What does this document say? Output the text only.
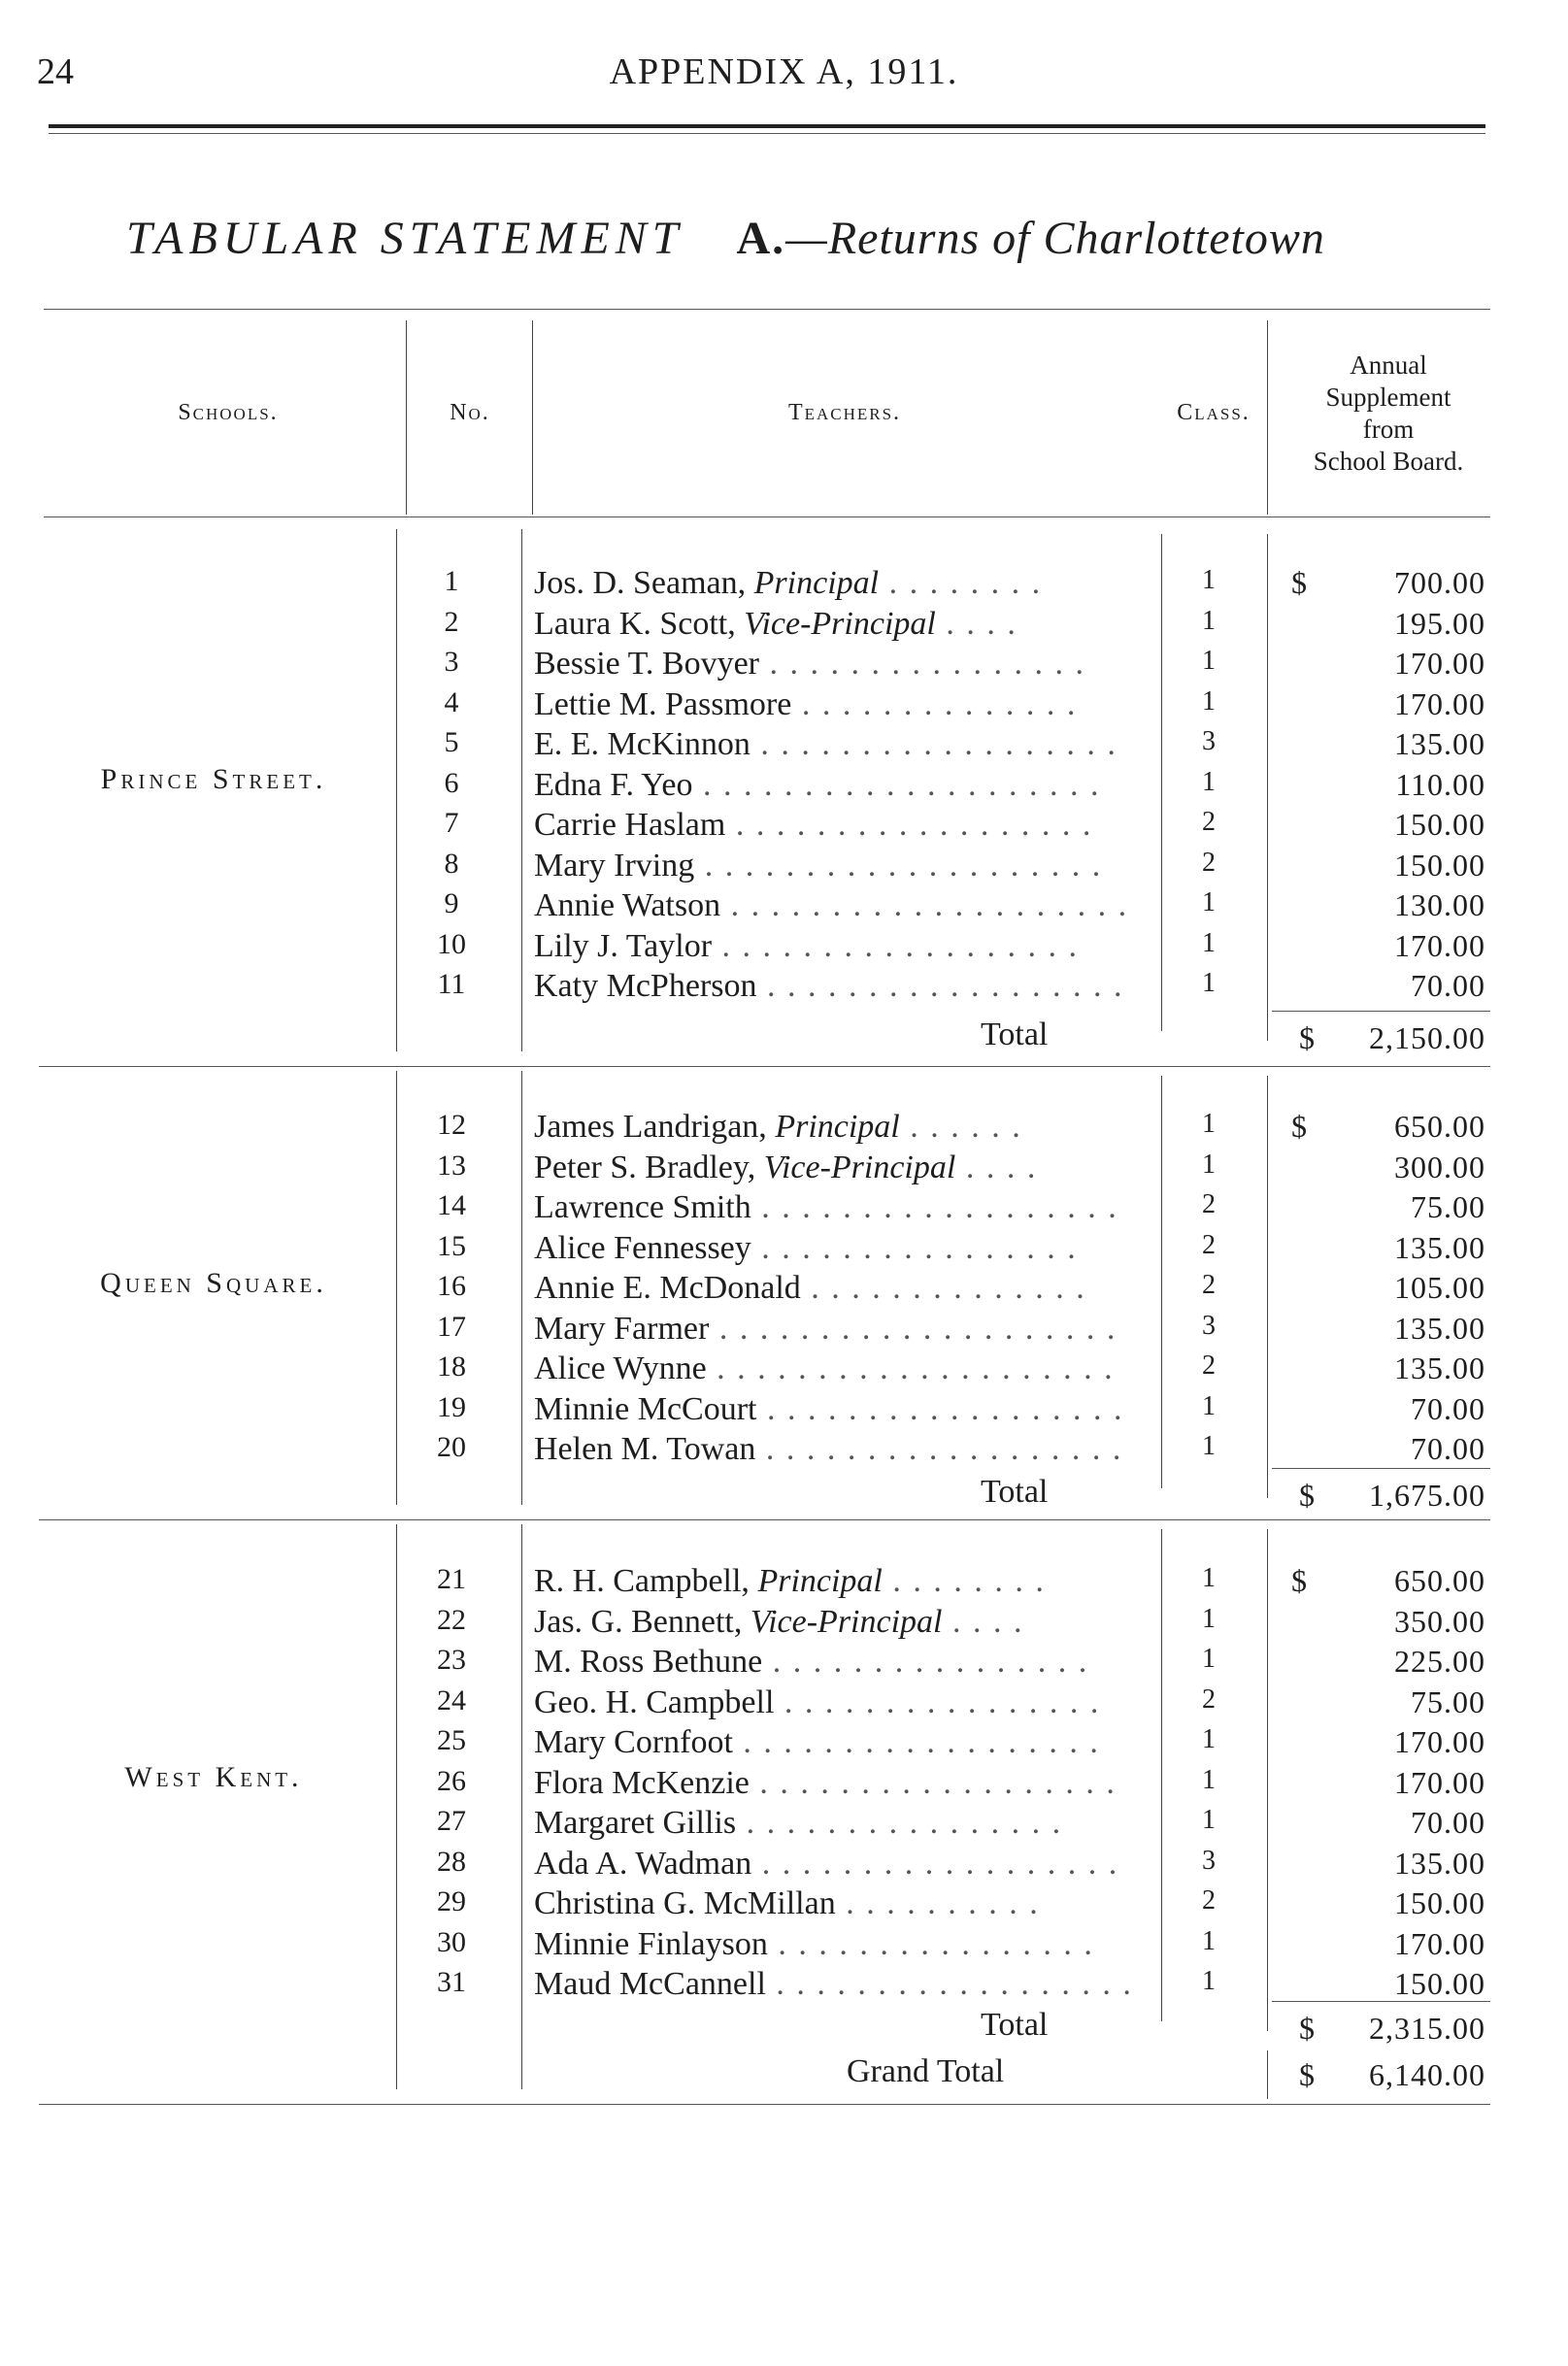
24	APPENDIX A, 1911.
TABULAR STATEMENT A.—Returns of Charlottetown
Schools.	No.	Teachers.	Class.
Annual
Supplement
from
School Board.
Prince Street.
1	Jos. D. Seaman, Principal . . . . . . . .	1	$	700.00
2	Laura K. Scott, Vice-Principal . . . .	1	195.00
3	Bessie T. Bovyer . . . . . . . . . . . . . . . .	1	170.00
4	Lettie M. Passmore . . . . . . . . . . . . . .	1	170.00
5	E. E. McKinnon . . . . . . . . . . . . . . . . . .	3	135.00
6	Edna F. Yeo . . . . . . . . . . . . . . . . . . . .	1	110.00
7	Carrie Haslam . . . . . . . . . . . . . . . . . .	2	150.00
8	Mary Irving . . . . . . . . . . . . . . . . . . . .	2	150.00
9	Annie Watson . . . . . . . . . . . . . . . . . . . .	1	130.00
10	Lily J. Taylor . . . . . . . . . . . . . . . . . .	1	170.00
11	Katy McPherson . . . . . . . . . . . . . . . . . .	1	70.00
Total	$ 2,150.00
Queen Square.
12	James Landrigan, Principal . . . . . .	1	$	650.00
13	Peter S. Bradley, Vice-Principal . . . .	1	300.00
14	Lawrence Smith . . . . . . . . . . . . . . . . . .	2	75.00
15	Alice Fennessey . . . . . . . . . . . . . . . .	2	135.00
16	Annie E. McDonald . . . . . . . . . . . . . .	2	105.00
17	Mary Farmer . . . . . . . . . . . . . . . . . . . .	3	135.00
18	Alice Wynne . . . . . . . . . . . . . . . . . . . .	2	135.00
19	Minnie McCourt . . . . . . . . . . . . . . . . . .	1	70.00
20	Helen M. Towan . . . . . . . . . . . . . . . . . .	1	70.00
Total	$ 1,675.00
West Kent.
21	R. H. Campbell, Principal . . . . . . . .	1	$	650.00
22	Jas. G. Bennett, Vice-Principal . . . .	1	350.00
23	M. Ross Bethune . . . . . . . . . . . . . . . .	1	225.00
24	Geo. H. Campbell . . . . . . . . . . . . . . . .	2	75.00
25	Mary Cornfoot . . . . . . . . . . . . . . . . . .	1	170.00
26	Flora McKenzie . . . . . . . . . . . . . . . . . .	1	170.00
27	Margaret Gillis . . . . . . . . . . . . . . . .	1	70.00
28	Ada A. Wadman . . . . . . . . . . . . . . . . . .	3	135.00
29	Christina G. McMillan . . . . . . . . . .	2	150.00
30	Minnie Finlayson . . . . . . . . . . . . . . . .	1	170.00
31	Maud McCannell . . . . . . . . . . . . . . . . . .	1	150.00
Total	$ 2,315.00
Grand Total	$ 6,140.00
